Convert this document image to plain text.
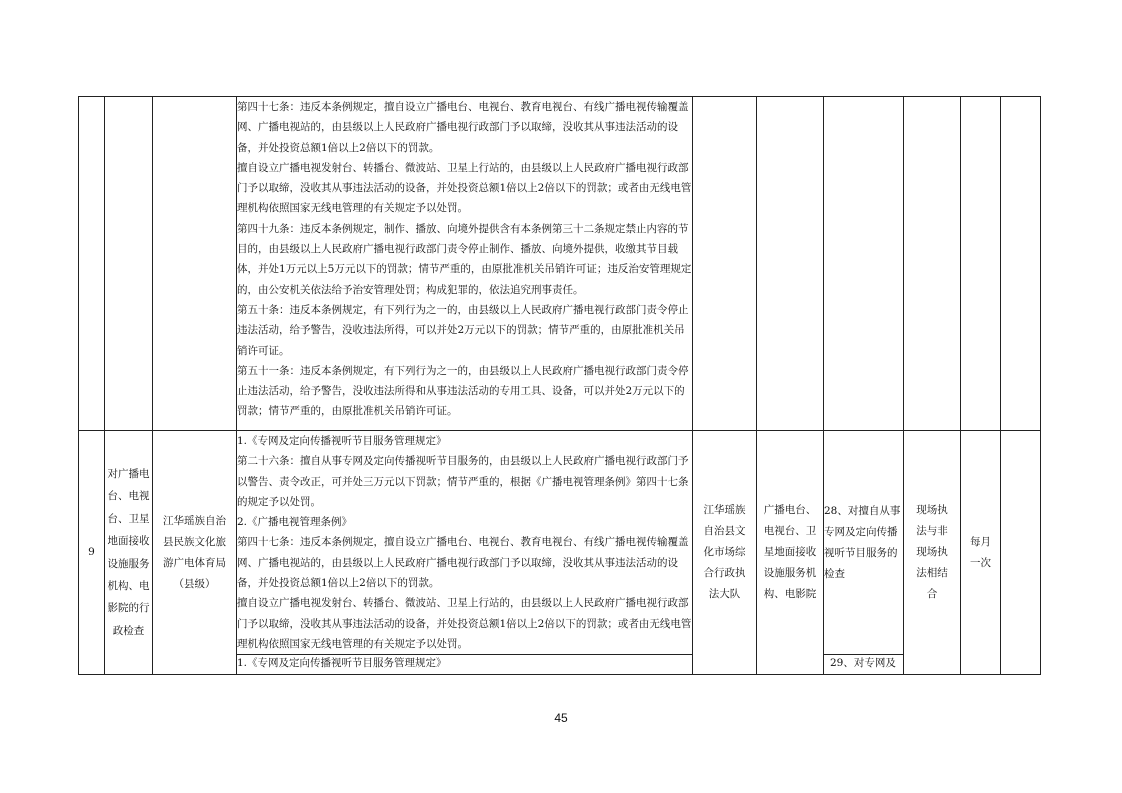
			第四十七条：违反本条例规定，擅自设立广播电台、电视台、教育电视台、有线广播电视传输覆盖网、广播电视站的，由县级以上人民政府广播电视行政部门予以取缔，没收其从事违法活动的设备，并处投资总额1倍以上2倍以下的罚款。

擅自设立广播电视发射台、转播台、微波站、卫星上行站的，由县级以上人民政府广播电视行政部门予以取缔，没收其从事违法活动的设备，并处投资总额1倍以上2倍以下的罚款；或者由无线电管理机构依照国家无线电管理的有关规定予以处罚。

第四十九条：违反本条例规定，制作、播放、向境外提供含有本条例第三十二条规定禁止内容的节目的，由县级以上人民政府广播电视行政部门责令停止制作、播放、向境外提供，收缴其节目载体，并处1万元以上5万元以下的罚款；情节严重的，由原批准机关吊销许可证；违反治安管理规定的，由公安机关依法给予治安管理处罚；构成犯罪的，依法追究刑事责任。

第五十条：违反本条例规定，有下列行为之一的，由县级以上人民政府广播电视行政部门责令停止违法活动，给予警告，没收违法所得，可以并处2万元以下的罚款；情节严重的，由原批准机关吊销许可证。

第五十一条：违反本条例规定，有下列行为之一的，由县级以上人民政府广播电视行政部门责令停止违法活动，给予警告，没收违法所得和从事违法活动的专用工具、设备，可以并处2万元以下的罚款；情节严重的，由原批准机关吊销许可证。						

9	对广播电台、电视台、卫星地面接收设施服务机构、电影院的行政检查	江华瑶族自治县民族文化旅游广电体育局（县级）	1.《专网及定向传播视听节目服务管理规定》

第二十六条：擅自从事专网及定向传播视听节目服务的，由县级以上人民政府广播电视行政部门予以警告、责令改正，可并处三万元以下罚款；情节严重的，根据《广播电视管理条例》第四十七条的规定予以处罚。

2.《广播电视管理条例》

第四十七条：违反本条例规定，擅自设立广播电台、电视台、教育电视台、有线广播电视传输覆盖网、广播电视站的，由县级以上人民政府广播电视行政部门予以取缔，没收其从事违法活动的设备，并处投资总额1倍以上2倍以下的罚款。

擅自设立广播电视发射台、转播台、微波站、卫星上行站的，由县级以上人民政府广播电视行政部门予以取缔，没收其从事违法活动的设备，并处投资总额1倍以上2倍以下的罚款；或者由无线电管理机构依照国家无线电管理的有关规定予以处罚。	江华瑶族自治县文化市场综合行政执法大队	广播电台、电视台、卫星地面接收设施服务机构、电影院	28、对擅自从事专网及定向传播视听节目服务的检查	现场执法与非现场执法相结合	每月一次	
			1.《专网及定向传播视听节目服务管理规定》			29、对专网及			
45
